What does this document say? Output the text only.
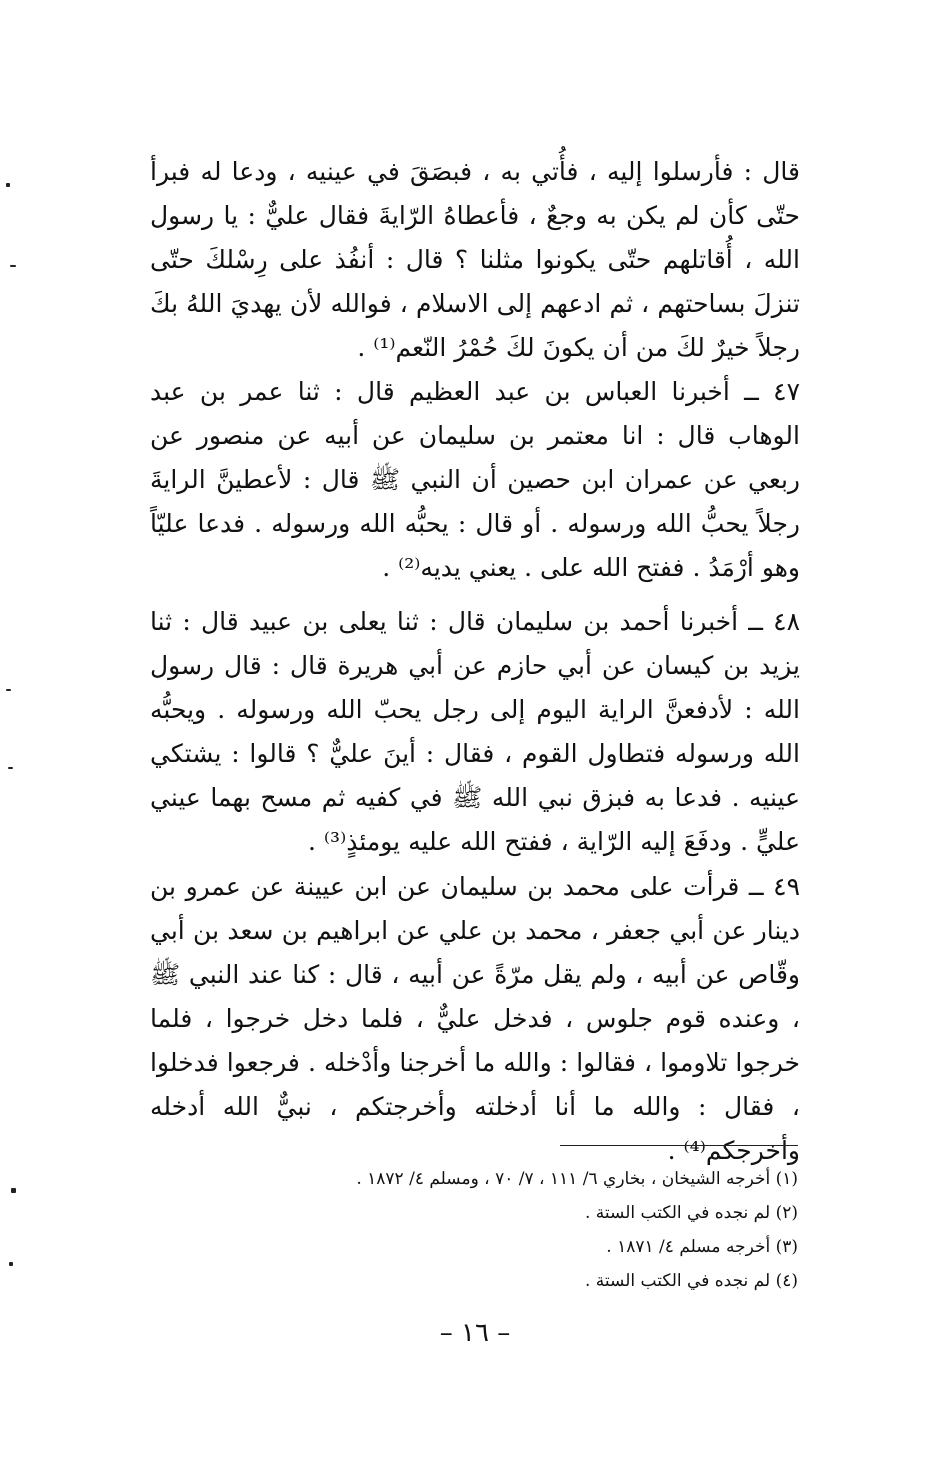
قال : فأرسلوا إليه ، فأُتي به ، فبصَقَ في عينيه ، ودعا له فبرأ حتّى كأن لم يكن به وجعٌ ، فأعطاهُ الرّايةَ فقال عليٌّ : يا رسول الله ، أُقاتلهم حتّى يكونوا مثلنا ؟ قال : أنفُذ على رِسْلكَ حتّى تنزلَ بساحتهم ، ثم ادعهم إلى الاسلام ، فوالله لأن يهديَ اللهُ بكَ رجلاً خيرٌ لكَ من أن يكونَ لكَ حُمْرُ النّعم⁽¹⁾ .

٤٧ ــ أخبرنا العباس بن عبد العظيم قال : ثنا عمر بن عبد الوهاب قال : انا معتمر بن سليمان عن أبيه عن منصور عن ربعي عن عمران ابن حصين أن النبي ﷺ قال : لأعطينَّ الرايةَ رجلاً يحبُّ الله ورسوله . أو قال : يحبُّه الله ورسوله . فدعا عليّاً وهو أرْمَدُ . ففتح الله على . يعني يديه⁽²⁾ .

٤٨ ــ أخبرنا أحمد بن سليمان قال : ثنا يعلى بن عبيد قال : ثنا يزيد بن كيسان عن أبي حازم عن أبي هريرة قال : قال رسول الله : لأدفعنَّ الراية اليوم إلى رجل يحبّ الله ورسوله . ويحبُّه الله ورسوله فتطاول القوم ، فقال : أينَ عليٌّ ؟ قالوا : يشتكي عينيه . فدعا به فبزق نبي الله ﷺ في كفيه ثم مسح بهما عيني عليٍّ . ودفَعَ إليه الرّاية ، ففتح الله عليه يومئذٍ⁽³⁾ .

٤٩ ــ قرأت على محمد بن سليمان عن ابن عيينة عن عمرو بن دينار عن أبي جعفر ، محمد بن علي عن ابراهيم بن سعد بن أبي وقّاص عن أبيه ، ولم يقل مرّةً عن أبيه ، قال : كنا عند النبي ﷺ ، وعنده قوم جلوس ، فدخل عليٌّ ، فلما دخل خرجوا ، فلما خرجوا تلاوموا ، فقالوا : والله ما أخرجنا وأدْخله . فرجعوا فدخلوا ، فقال : والله ما أنا أدخلته وأخرجتكم ، نبيٌّ الله أدخله وأخرجكم⁽⁴⁾ .

(١) أخرجه الشيخان ، بخاري ٦/ ١١١ ، ٧/ ٧٠ ، ومسلم ٤/ ١٨٧٢ .
(٢) لم نجده في الكتب الستة .
(٣) أخرجه مسلم ٤/ ١٨٧١ .
(٤) لم نجده في الكتب الستة .
– ١٦ –
